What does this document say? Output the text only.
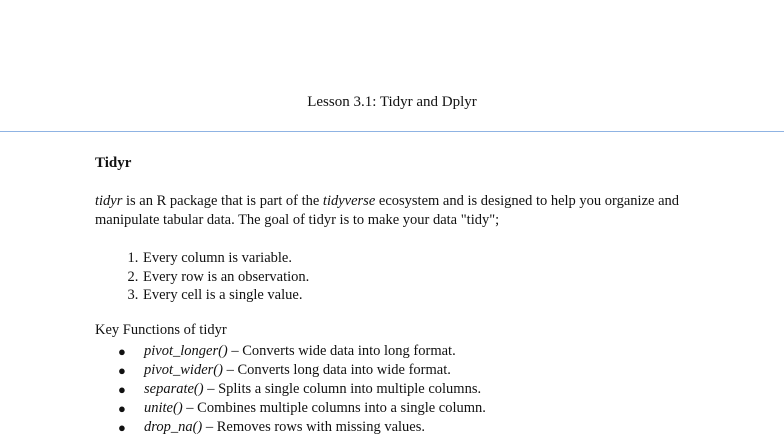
Lesson 3.1: Tidyr and Dplyr
Tidyr

tidyr is an R package that is part of the tidyverse ecosystem and is designed to help you organize and manipulate tabular data. The goal of tidyr is to make your data "tidy";

1. Every column is variable.
2. Every row is an observation.
3. Every cell is a single value.
Key Functions of tidyr
● pivot_longer() – Converts wide data into long format.
● pivot_wider() – Converts long data into wide format.
● separate() – Splits a single column into multiple columns.
● unite() – Combines multiple columns into a single column.
● drop_na() – Removes rows with missing values.
